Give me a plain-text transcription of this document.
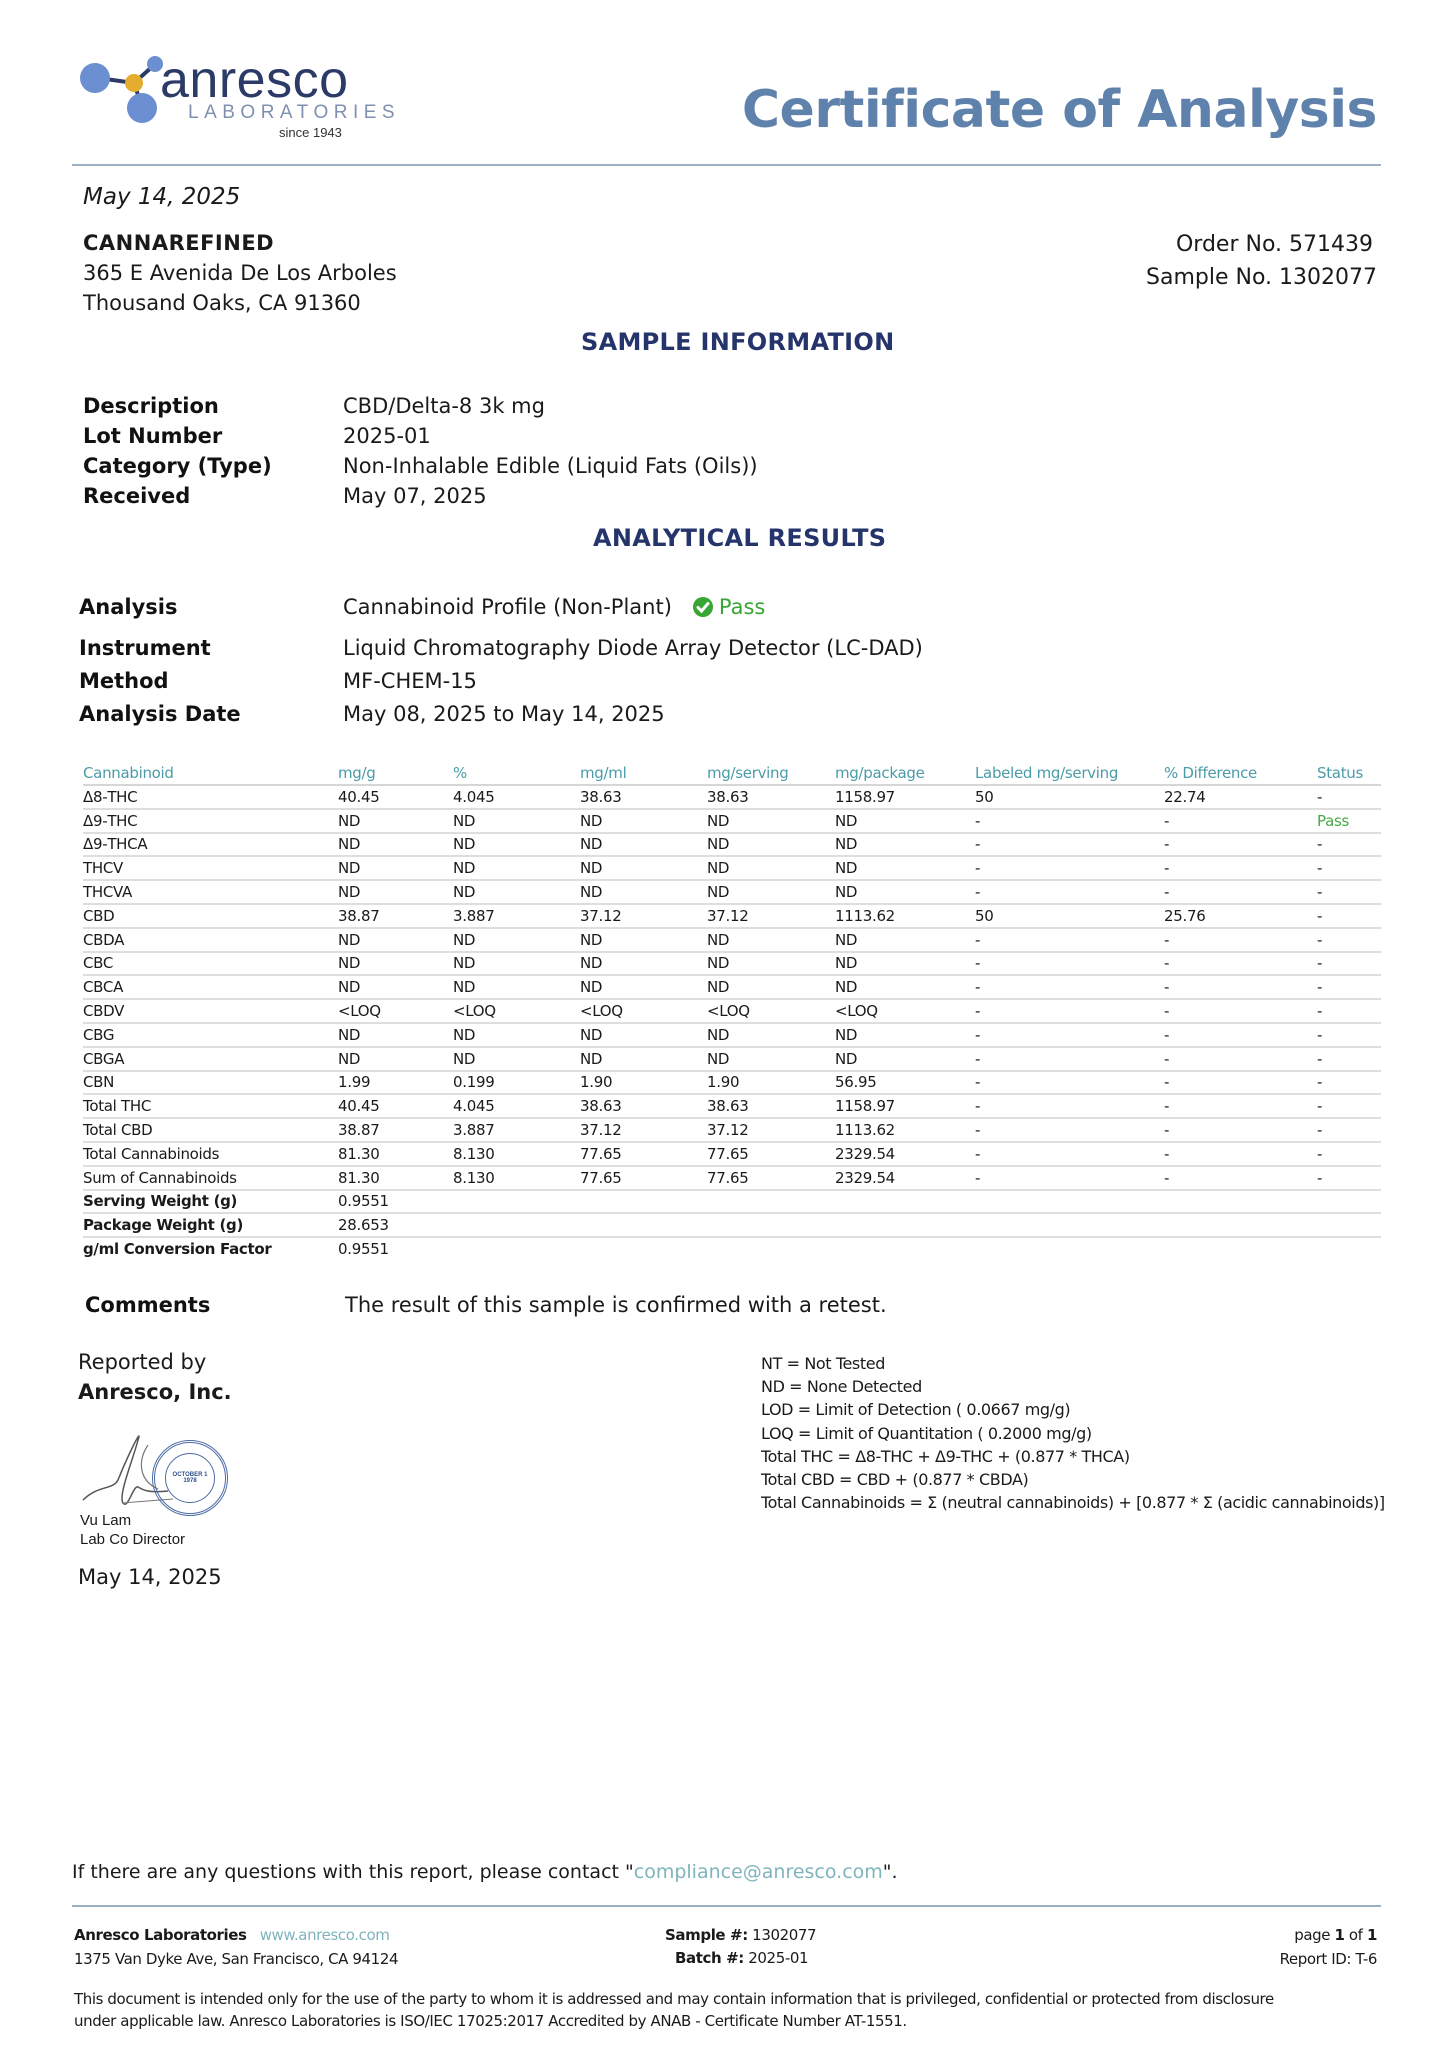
anresco
LABORATORIES
since 1943	Certificate of Analysis
May 14, 2025
CANNAREFINED
365 E Avenida De Los Arboles
Thousand Oaks, CA 91360
Order No. 571439
Sample No. 1302077
SAMPLE INFORMATION
Description	CBD/Delta-8 3k mg
Lot Number	2025-01
Category (Type)	Non-Inhalable Edible (Liquid Fats (Oils))
Received	May 07, 2025
ANALYTICAL RESULTS
Analysis	Cannabinoid Profile (Non-Plant) Pass
Instrument	Liquid Chromatography Diode Array Detector (LC-DAD)
Method	MF-CHEM-15
Analysis Date	May 08, 2025 to May 14, 2025
Cannabinoid	mg/g	%	mg/ml	mg/serving	mg/package	Labeled mg/serving	% Difference	Status
Δ8-THC	40.45	4.045	38.63	38.63	1158.97	50	22.74	-
Δ9-THC	ND	ND	ND	ND	ND	-	-	Pass
Δ9-THCA	ND	ND	ND	ND	ND	-	-	-
THCV	ND	ND	ND	ND	ND	-	-	-
THCVA	ND	ND	ND	ND	ND	-	-	-
CBD	38.87	3.887	37.12	37.12	1113.62	50	25.76	-
CBDA	ND	ND	ND	ND	ND	-	-	-
CBC	ND	ND	ND	ND	ND	-	-	-
CBCA	ND	ND	ND	ND	ND	-	-	-
CBDV	<LOQ	<LOQ	<LOQ	<LOQ	<LOQ	-	-	-
CBG	ND	ND	ND	ND	ND	-	-	-
CBGA	ND	ND	ND	ND	ND	-	-	-
CBN	1.99	0.199	1.90	1.90	56.95	-	-	-
Total THC	40.45	4.045	38.63	38.63	1158.97	-	-	-
Total CBD	38.87	3.887	37.12	37.12	1113.62	-	-	-
Total Cannabinoids	81.30	8.130	77.65	77.65	2329.54	-	-	-
Sum of Cannabinoids	81.30	8.130	77.65	77.65	2329.54	-	-	-
Serving Weight (g)	0.9551							
Package Weight (g)	28.653							
g/ml Conversion Factor	0.9551							
Comments	The result of this sample is confirmed with a retest.
Reported by
Anresco, Inc.
OCTOBER 1
1978
Vu Lam
Lab Co Director
May 14, 2025
NT = Not Tested
ND = None Detected
LOD = Limit of Detection ( 0.0667 mg/g)
LOQ = Limit of Quantitation ( 0.2000 mg/g)
Total THC = Δ8-THC + Δ9-THC + (0.877 * THCA)
Total CBD = CBD + (0.877 * CBDA)
Total Cannabinoids = Σ (neutral cannabinoids) + [0.877 * Σ (acidic cannabinoids)]
If there are any questions with this report, please contact "compliance@anresco.com".
Anresco Laboratories www.anresco.com
1375 Van Dyke Ave, San Francisco, CA 94124
Sample #: 1302077
Batch #: 2025-01
page 1 of 1
Report ID: T-6
This document is intended only for the use of the party to whom it is addressed and may contain information that is privileged, confidential or protected from disclosure
under applicable law. Anresco Laboratories is ISO/IEC 17025:2017 Accredited by ANAB - Certificate Number AT-1551.
